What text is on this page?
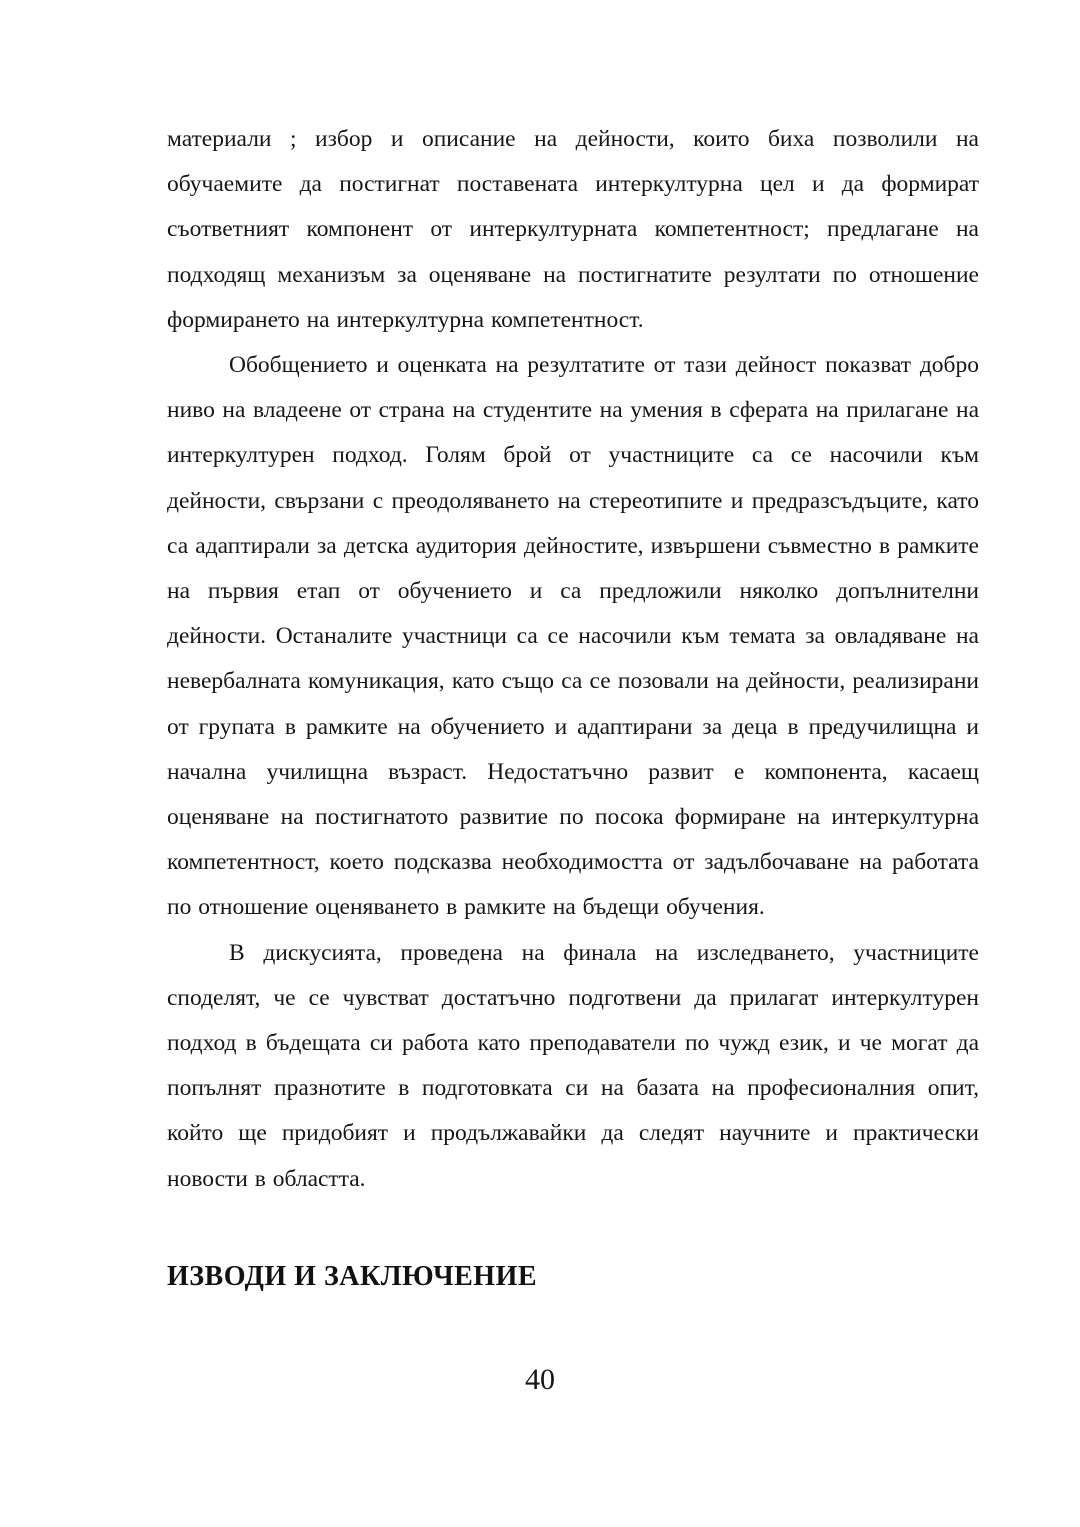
материали ; избор и описание на дейности, които биха позволили на обучаемите да постигнат поставената интеркултурна цел и да формират съответният компонент от интеркултурната компетентност; предлагане на подходящ механизъм за оценяване на постигнатите резултати по отношение формирането на интеркултурна компетентност.

Обобщението и оценката на резултатите от тази дейност показват добро ниво на владеене от страна на студентите на умения в сферата на прилагане на интеркултурен подход. Голям брой от участниците са се насочили към дейности, свързани с преодоляването на стереотипите и предразсъдъците, като са адаптирали за детска аудитория дейностите, извършени съвместно в рамките на първия етап от обучението и са предложили няколко допълнителни дейности. Останалите участници са се насочили към темата за овладяване на невербалната комуникация, като също са се позовали на дейности, реализирани от групата в рамките на обучението и адаптирани за деца в предучилищна и начална училищна възраст. Недостатъчно развит е компонента, касаещ оценяване на постигнатото развитие по посока формиране на интеркултурна компетентност, което подсказва необходимостта от задълбочаване на работата по отношение оценяването в рамките на бъдещи обучения.

В дискусията, проведена на финала на изследването, участниците споделят, че се чувстват достатъчно подготвени да прилагат интеркултурен подход в бъдещата си работа като преподаватели по чужд език, и че могат да попълнят празнотите в подготовката си на базата на професионалния опит, който ще придобият и продължавайки да следят научните и практически новости в областта.

ИЗВОДИ И ЗАКЛЮЧЕНИЕ
40
